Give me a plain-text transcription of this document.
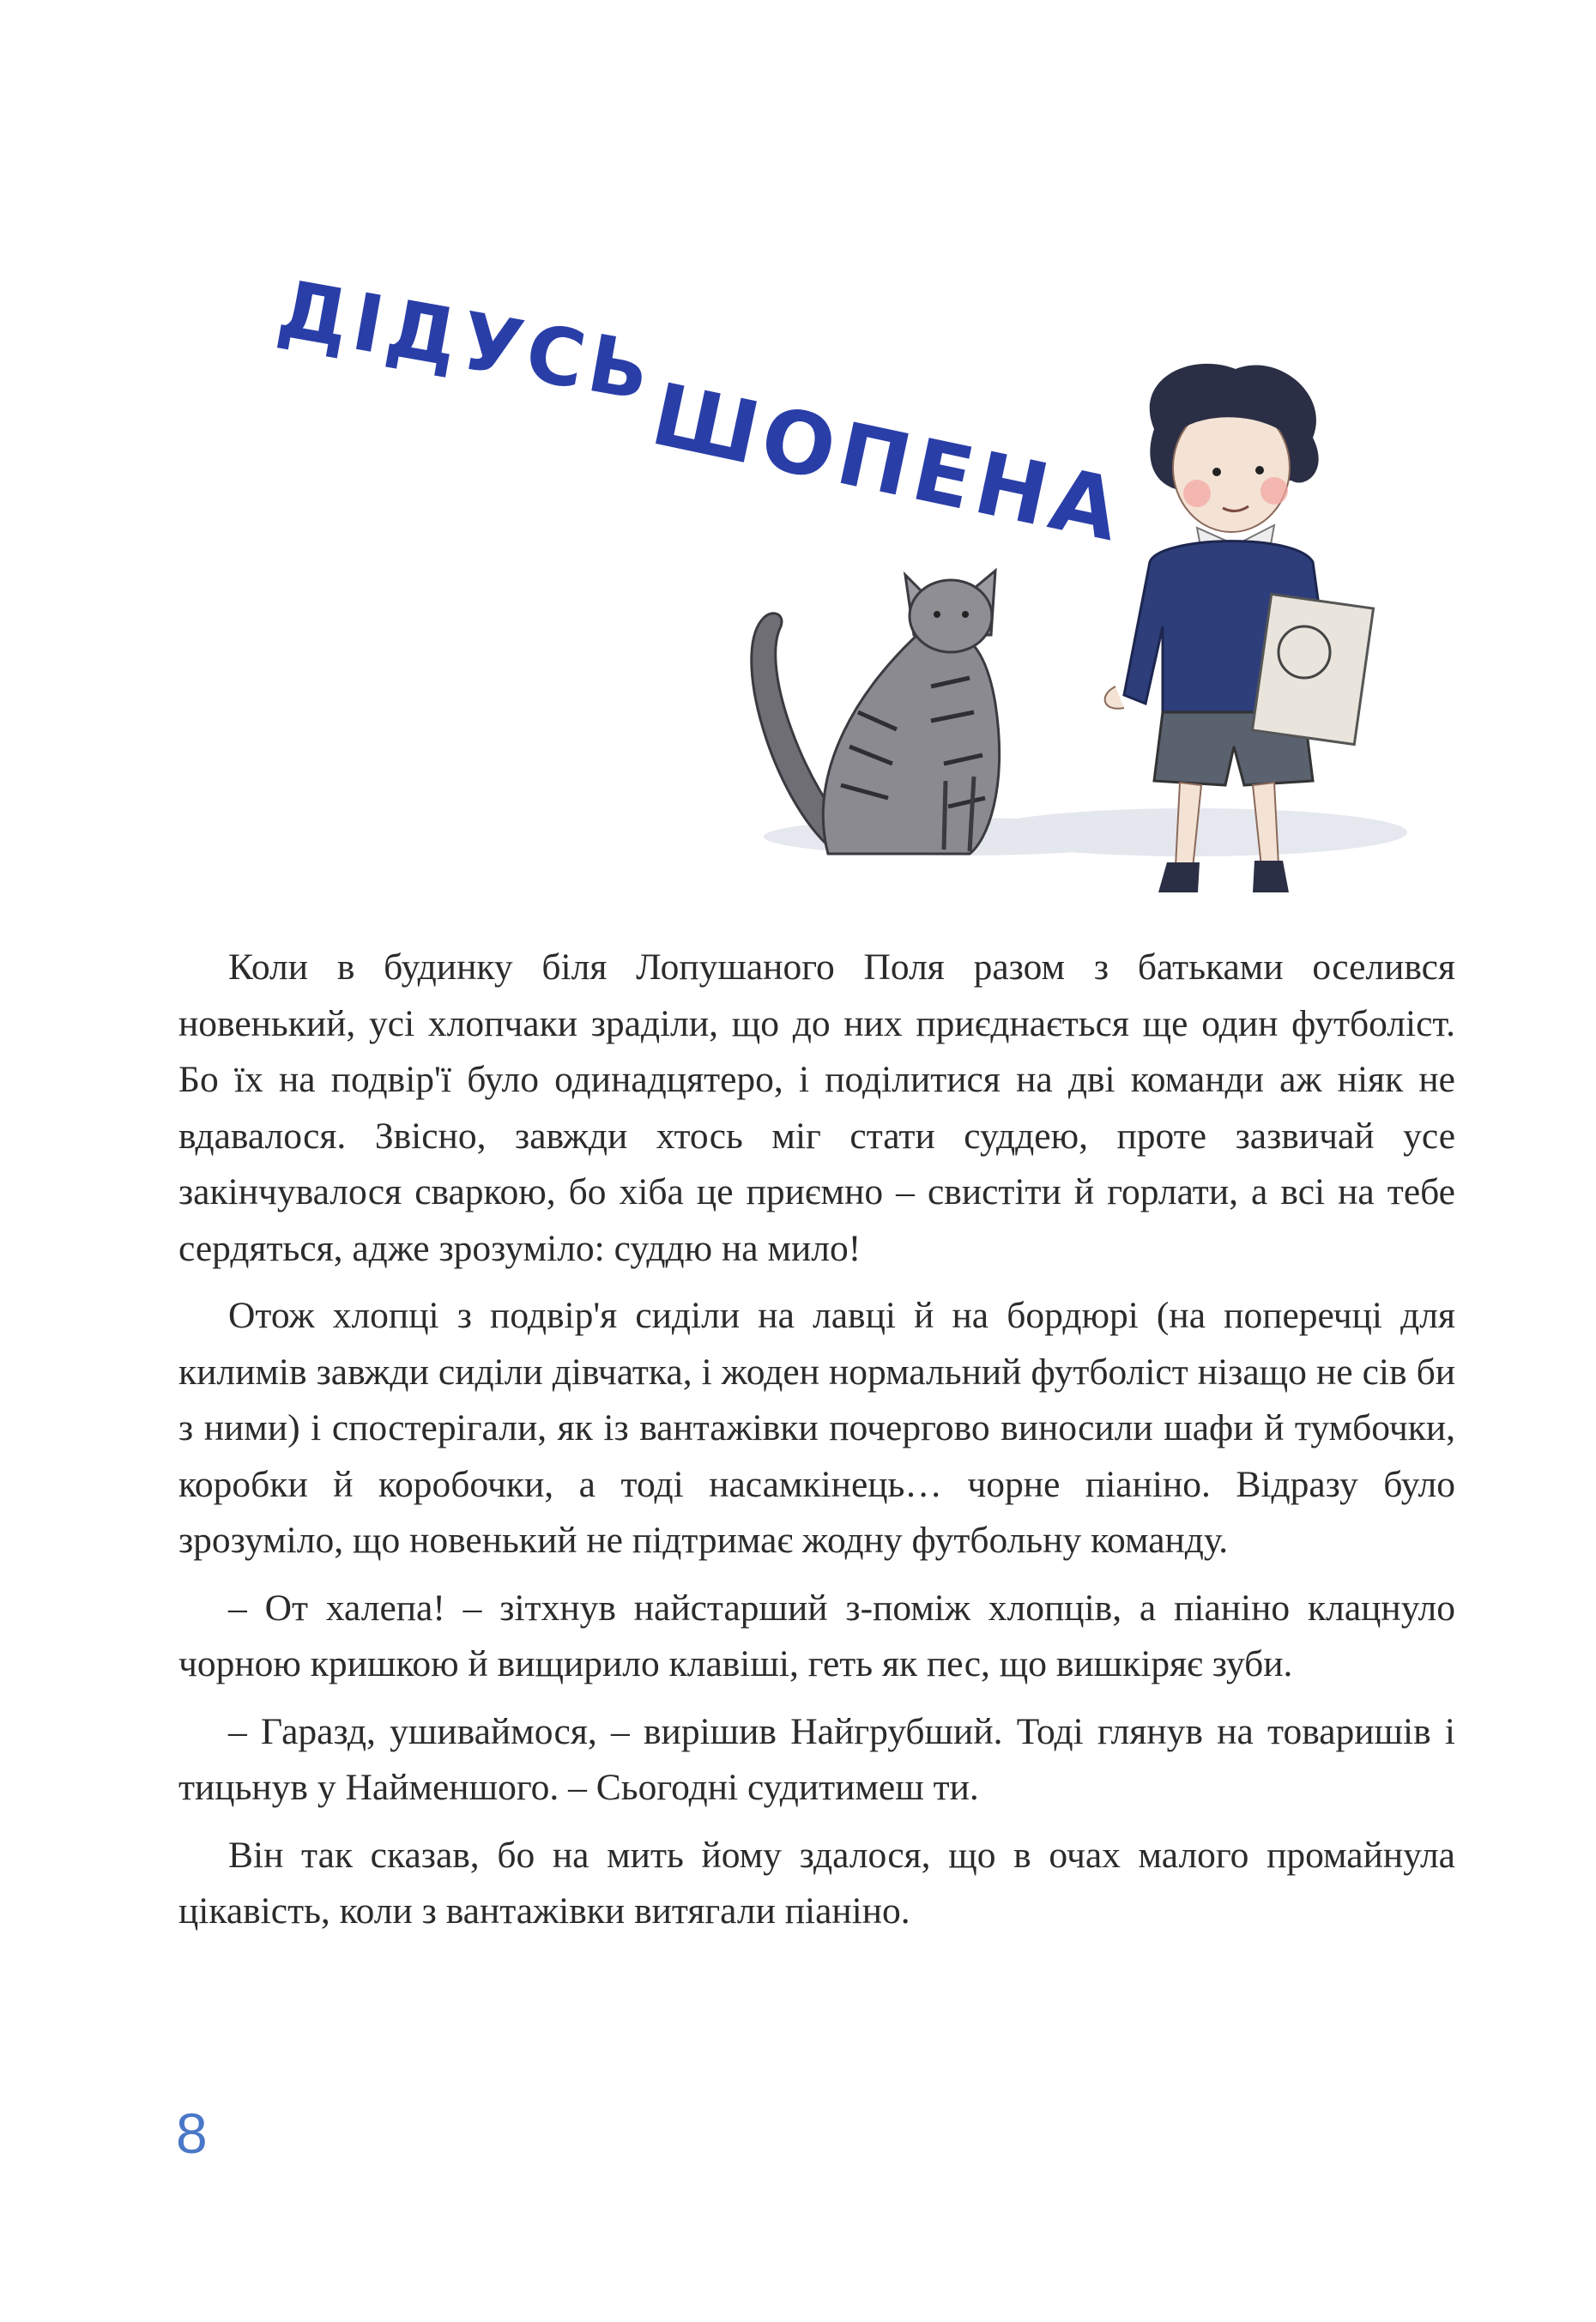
ДІДУСЬ
ШОПЕНА

Коли в будинку біля Лопушаного Поля разом з батьками оселився новенький, усі хлопчаки зраділи, що до них приєднається ще один футболіст. Бо їх на подвір'ї було одинадцятеро, і поділитися на дві команди аж ніяк не вдавалося. Звісно, завжди хтось міг стати суддею, проте зазвичай усе закінчувалося сваркою, бо хіба це приємно – свистіти й горлати, а всі на тебе сердяться, адже зрозуміло: суддю на мило!

Отож хлопці з подвір'я сиділи на лавці й на бордюрі (на поперечці для килимів завжди сиділи дівчатка, і жоден нормальний футболіст нізащо не сів би з ними) і спостерігали, як із вантажівки почергово виносили шафи й тумбочки, коробки й коробочки, а тоді насамкінець… чорне піаніно. Відразу було зрозуміло, що новенький не підтримає жодну футбольну команду.

– От халепа! – зітхнув найстарший з-поміж хлопців, а піаніно клацнуло чорною кришкою й вищирило клавіші, геть як пес, що вишкіряє зуби.

– Гаразд, ушиваймося, – вирішив Найгрубший. Тоді глянув на товаришів і тицьнув у Найменшого. – Сьогодні судитимеш ти.

Він так сказав, бо на мить йому здалося, що в очах малого промайнула цікавість, коли з вантажівки витягали піаніно.

8
